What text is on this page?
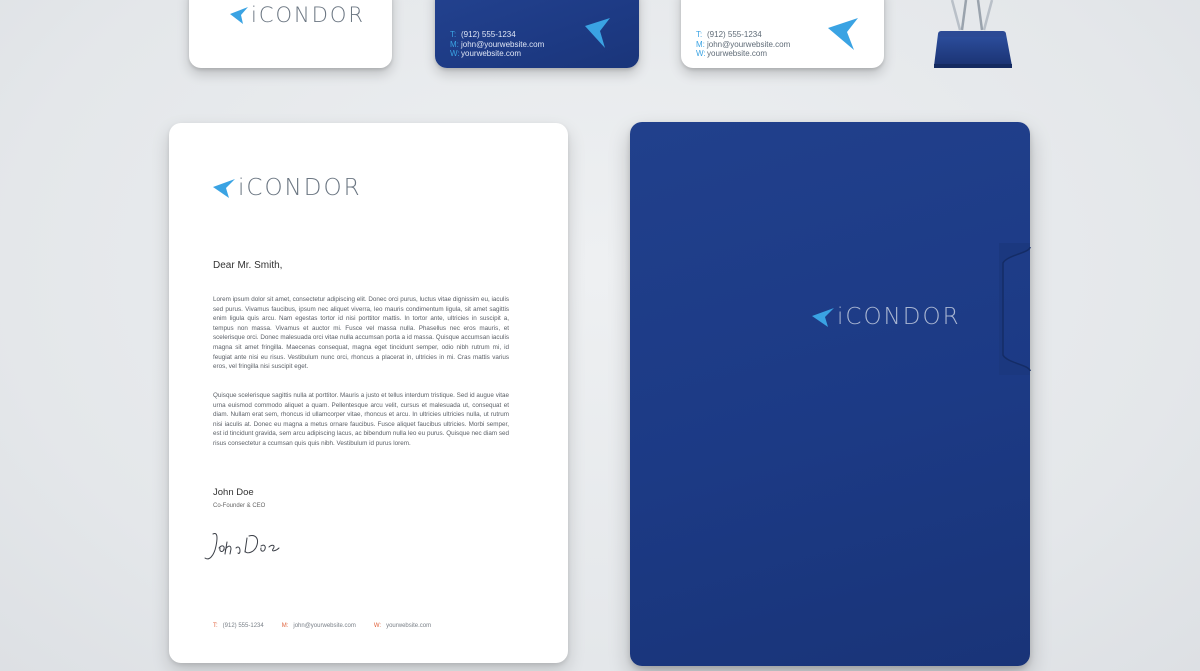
iCONDOR
T: (912) 555-1234
M: john@yourwebsite.com
W:yourwebsite.com
T: (912) 555-1234
M: john@yourwebsite.com
W:yourwebsite.com
iCONDOR
Dear Mr. Smith,
Lorem ipsum dolor sit amet, consectetur adipiscing elit. Donec orci purus, luctus vitae dignissim eu, iaculis sed purus. Vivamus faucibus, ipsum nec aliquet viverra, leo mauris condimentum ligula, sit amet sagittis enim ligula quis arcu. Nam egestas tortor id nisi porttitor mattis. In tortor ante, ultricies in suscipit a, tempus non massa. Vivamus et auctor mi. Fusce vel massa nulla. Phasellus nec eros mauris, et scelerisque orci. Donec malesuada orci vitae nulla accumsan porta a id massa. Quisque accumsan iaculis magna sit amet fringilla. Maecenas consequat, magna eget tincidunt semper, odio nibh rutrum mi, id feugiat ante nisi eu risus. Vestibulum nunc orci, rhoncus a placerat in, ultricies in mi. Cras mattis varius eros, vel fringilla nisi suscipit eget.
Quisque scelerisque sagittis nulla at porttitor. Mauris a justo et tellus interdum tristique. Sed id augue vitae urna euismod commodo aliquet a quam. Pellentesque arcu velit, cursus et malesuada ut, consequat et diam. Nullam erat sem, rhoncus id ullamcorper vitae, rhoncus et arcu. In ultricies ultricies nulla, ut rutrum nisi iaculis at. Donec eu magna a metus ornare faucibus. Fusce aliquet faucibus ultricies. Morbi semper, est id tincidunt gravida, sem arcu adipiscing lacus, ac bibendum nulla leo eu purus. Quisque nec diam sed risus consectetur a ccumsan quis quis nibh. Vestibulum id purus lorem.
John Doe
Co-Founder & CEO
T: (912) 555-1234	M: john@yourwebsite.com	W: yourwebsite.com
iCONDOR
